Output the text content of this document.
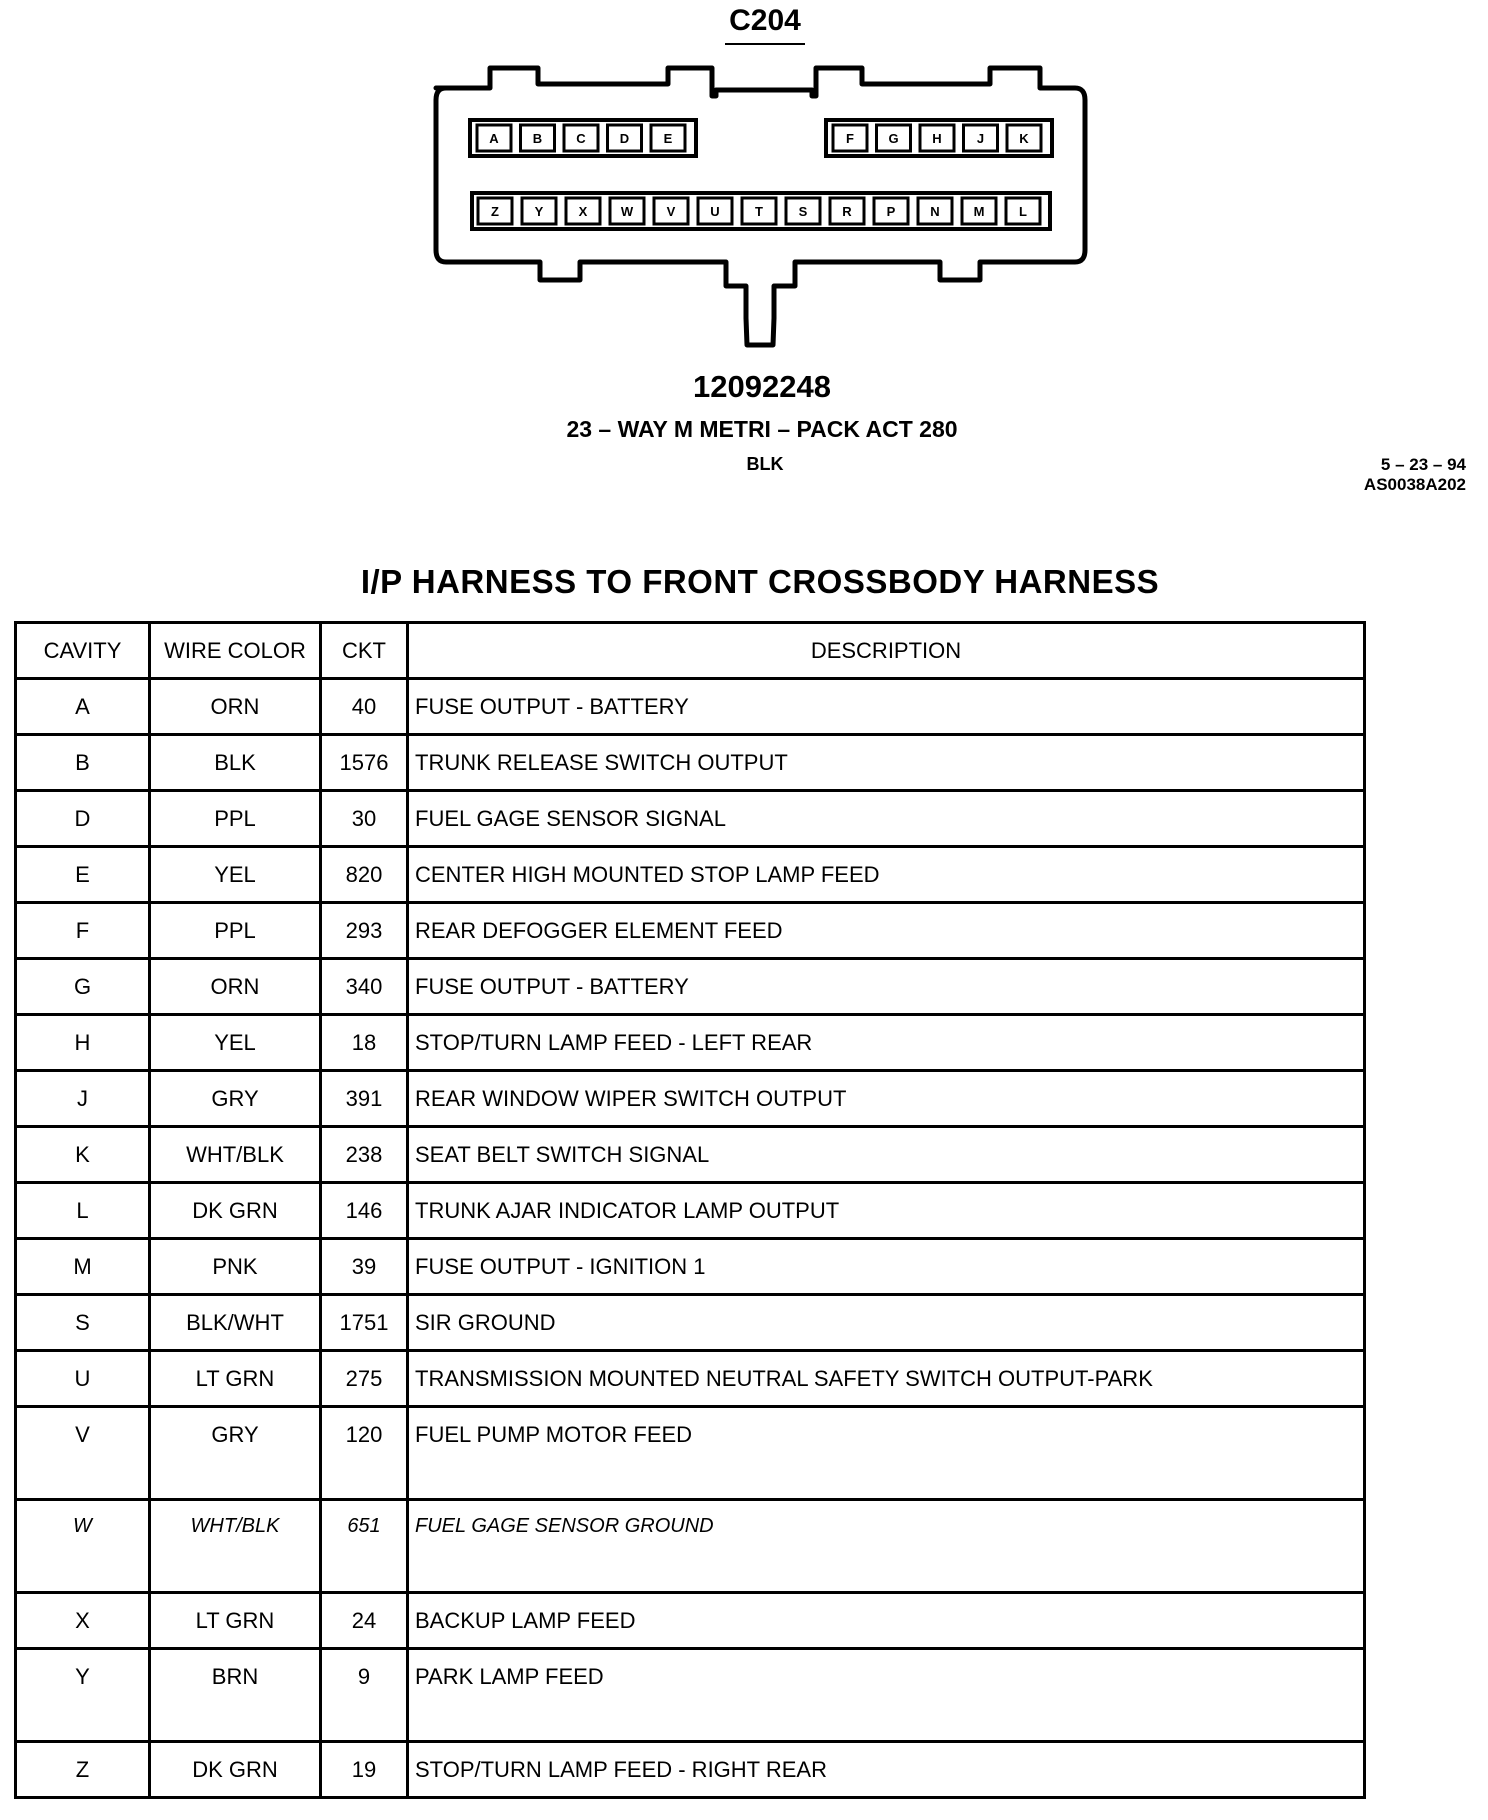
C204
A	B	C	D	E	F	G	H	J	K
Z	Y	X	W	V	U	T	S	R	P	N	M	L
12092248
23 – WAY M METRI – PACK ACT 280
BLK	5 – 23 – 94
AS0038A202
I/P HARNESS TO FRONT CROSSBODY HARNESS
CAVITY	WIRE COLOR	CKT	DESCRIPTION
A	ORN	40	FUSE OUTPUT - BATTERY
B	BLK	1576	TRUNK RELEASE SWITCH OUTPUT
D	PPL	30	FUEL GAGE SENSOR SIGNAL
E	YEL	820	CENTER HIGH MOUNTED STOP LAMP FEED
F	PPL	293	REAR DEFOGGER ELEMENT FEED
G	ORN	340	FUSE OUTPUT - BATTERY
H	YEL	18	STOP/TURN LAMP FEED - LEFT REAR
J	GRY	391	REAR WINDOW WIPER SWITCH OUTPUT
K	WHT/BLK	238	SEAT BELT SWITCH SIGNAL
L	DK GRN	146	TRUNK AJAR INDICATOR LAMP OUTPUT
M	PNK	39	FUSE OUTPUT - IGNITION 1
S	BLK/WHT	1751	SIR GROUND
U	LT GRN	275	TRANSMISSION MOUNTED NEUTRAL SAFETY SWITCH OUTPUT-PARK
V	GRY	120	FUEL PUMP MOTOR FEED
W	WHT/BLK	651	FUEL GAGE SENSOR GROUND
X	LT GRN	24	BACKUP LAMP FEED
Y	BRN	9	PARK LAMP FEED
Z	DK GRN	19	STOP/TURN LAMP FEED - RIGHT REAR
